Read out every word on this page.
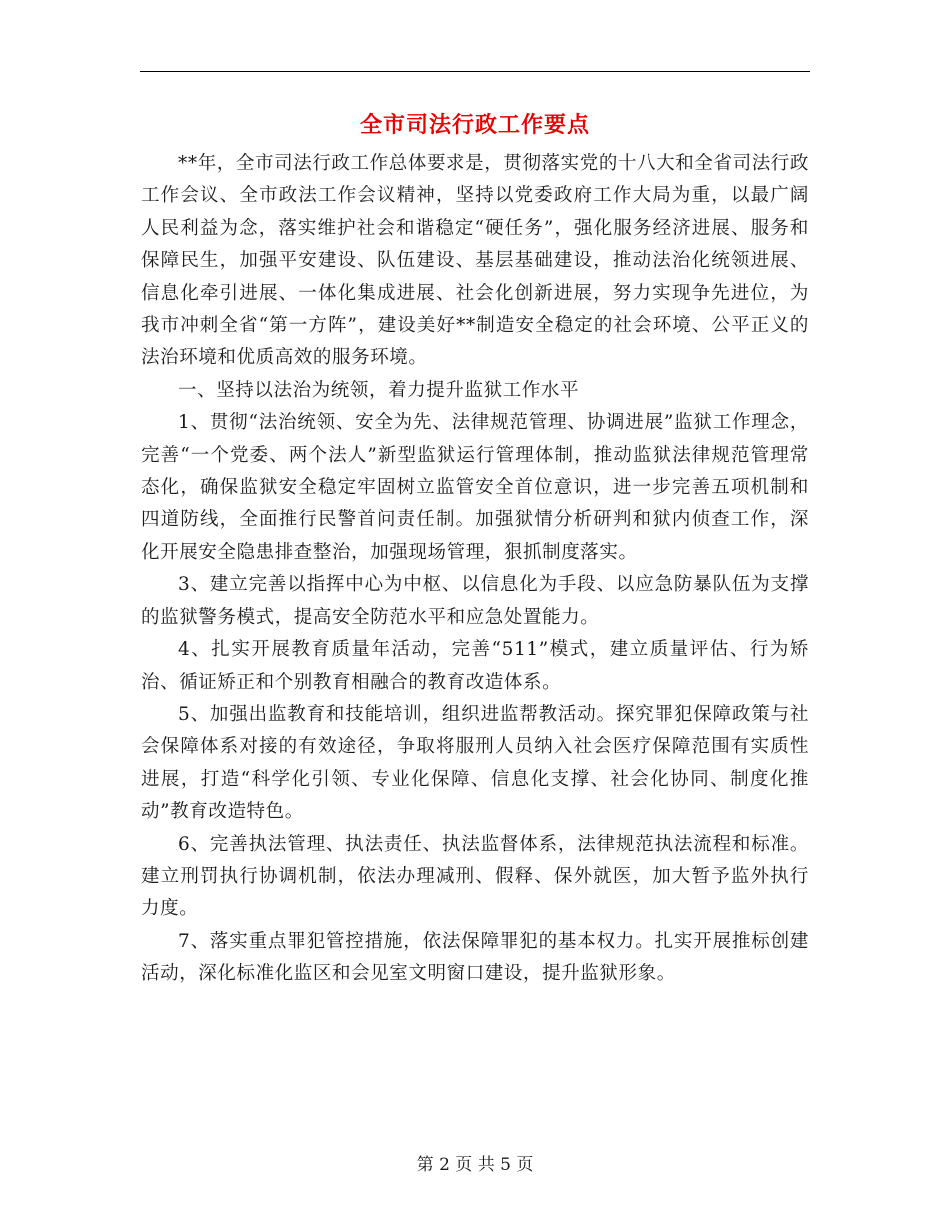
全市司法行政工作要点

**年，全市司法行政工作总体要求是，贯彻落实党的十八大和全省司法行政工作会议、全市政法工作会议精神，坚持以党委政府工作大局为重，以最广阔人民利益为念，落实维护社会和谐稳定“硬任务”，强化服务经济进展、服务和保障民生，加强平安建设、队伍建设、基层基础建设，推动法治化统领进展、信息化牵引进展、一体化集成进展、社会化创新进展，努力实现争先进位，为我市冲刺全省“第一方阵”，建设美好**制造安全稳定的社会环境、公平正义的法治环境和优质高效的服务环境。

一、坚持以法治为统领，着力提升监狱工作水平

1、贯彻“法治统领、安全为先、法律规范管理、协调进展”监狱工作理念，完善“一个党委、两个法人”新型监狱运行管理体制，推动监狱法律规范管理常态化，确保监狱安全稳定牢固树立监管安全首位意识，进一步完善五项机制和四道防线，全面推行民警首问责任制。加强狱情分析研判和狱内侦查工作，深化开展安全隐患排查整治，加强现场管理，狠抓制度落实。

3、建立完善以指挥中心为中枢、以信息化为手段、以应急防暴队伍为支撑的监狱警务模式，提高安全防范水平和应急处置能力。

4、扎实开展教育质量年活动，完善“511”模式，建立质量评估、行为矫治、循证矫正和个别教育相融合的教育改造体系。

5、加强出监教育和技能培训，组织进监帮教活动。探究罪犯保障政策与社会保障体系对接的有效途径，争取将服刑人员纳入社会医疗保障范围有实质性进展，打造“科学化引领、专业化保障、信息化支撑、社会化协同、制度化推动”教育改造特色。

6、完善执法管理、执法责任、执法监督体系，法律规范执法流程和标准。建立刑罚执行协调机制，依法办理减刑、假释、保外就医，加大暂予监外执行力度。

7、落实重点罪犯管控措施，依法保障罪犯的基本权力。扎实开展推标创建活动，深化标准化监区和会见室文明窗口建设，提升监狱形象。

第 2 页 共 5 页
